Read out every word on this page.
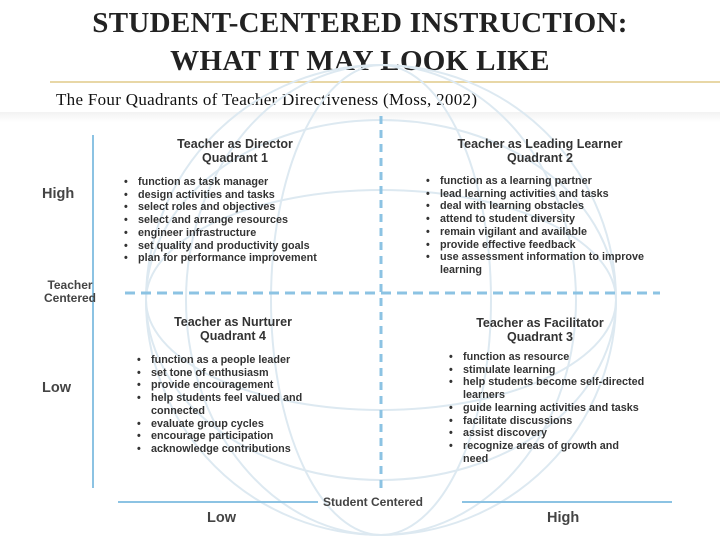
STUDENT-CENTERED INSTRUCTION:
WHAT IT MAY LOOK LIKE
The Four Quadrants of Teacher Directiveness (Moss, 2002)
High
Teacher
Centered
Low
Student Centered
Low	High
Teacher as Director
Quadrant 1
• function as task manager
• design activities and tasks
• select roles and objectives
• select and arrange resources
• engineer infrastructure
• set quality and productivity goals
• plan for performance improvement
Teacher as Leading Learner
Quadrant 2
• function as a learning partner
• lead learning activities and tasks
• deal with learning obstacles
• attend to student diversity
• remain vigilant and available
• provide effective feedback
• use assessment information to improve learning
Teacher as Nurturer
Quadrant 4
• function as a people leader
• set tone of enthusiasm
• provide encouragement
• help students feel valued and connected
• evaluate group cycles
• encourage participation
• acknowledge contributions
Teacher as Facilitator
Quadrant 3
• function as resource
• stimulate learning
• help students become self-directed learners
• guide learning activities and tasks
• facilitate discussions
• assist discovery
• recognize areas of growth and need
